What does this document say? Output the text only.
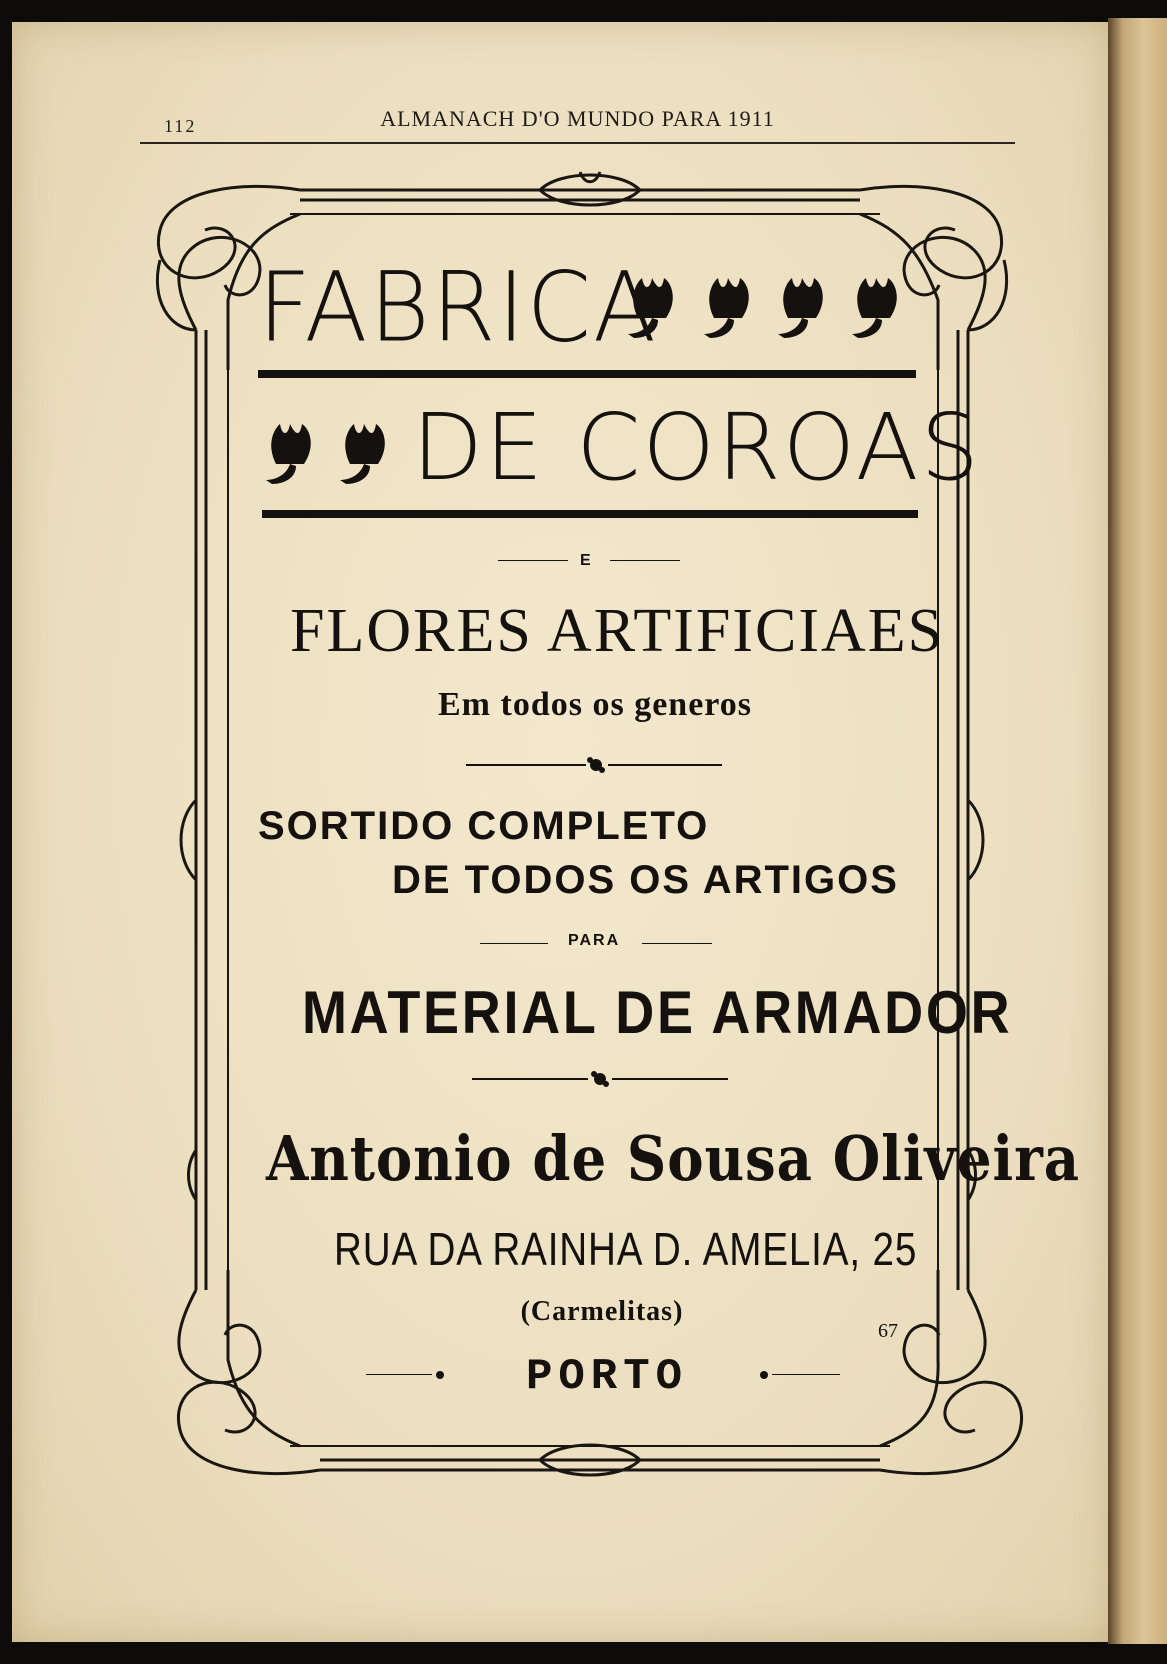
112	ALMANACH D'O MUNDO PARA 1911
FABRICA
DE COROAS
E
FLORES ARTIFICIAES
Em todos os generos
SORTIDO COMPLETO
DE TODOS OS ARTIGOS
PARA
MATERIAL DE ARMADOR
Antonio de Sousa Oliveira
RUA DA RAINHA D. AMELIA, 25
(Carmelitas)
PORTO
67
